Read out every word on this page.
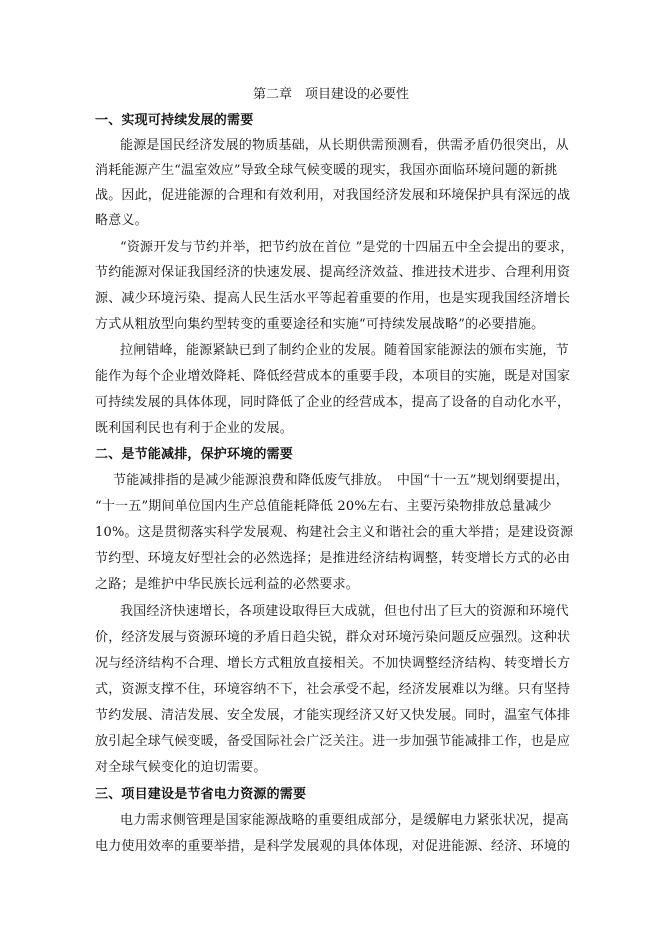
第二章　项目建设的必要性
一、实现可持续发展的需要
能源是国民经济发展的物质基础，从长期供需预测看，供需矛盾仍很突出，从
消耗能源产生“温室效应”导致全球气候变暖的现实，我国亦面临环境问题的新挑
战。因此，促进能源的合理和有效利用，对我国经济发展和环境保护具有深远的战
略意义。
“资源开发与节约并举，把节约放在首位 ”是党的十四届五中全会提出的要求，
节约能源对保证我国经济的快速发展、提高经济效益、推进技术进步、合理利用资
源、减少环境污染、提高人民生活水平等起着重要的作用，也是实现我国经济增长
方式从粗放型向集约型转变的重要途径和实施“可持续发展战略”的必要措施。
拉闸错峰，能源紧缺已到了制约企业的发展。随着国家能源法的颁布实施，节
能作为每个企业增效降耗、降低经营成本的重要手段，本项目的实施，既是对国家
可持续发展的具体体现，同时降低了企业的经营成本，提高了设备的自动化水平，
既利国利民也有利于企业的发展。
二、是节能减排，保护环境的需要
节能减排指的是减少能源浪费和降低废气排放。　中国“十一五”规划纲要提出，
“十一五”期间单位国内生产总值能耗降低 20%左右、主要污染物排放总量减少
10%。这是贯彻落实科学发展观、构建社会主义和谐社会的重大举措；是建设资源
节约型、环境友好型社会的必然选择；是推进经济结构调整，转变增长方式的必由
之路；是维护中华民族长远利益的必然要求。
我国经济快速增长，各项建设取得巨大成就，但也付出了巨大的资源和环境代
价，经济发展与资源环境的矛盾日趋尖锐，群众对环境污染问题反应强烈。这种状
况与经济结构不合理、增长方式粗放直接相关。不加快调整经济结构、转变增长方
式，资源支撑不住，环境容纳不下，社会承受不起，经济发展难以为继。只有坚持
节约发展、清洁发展、安全发展，才能实现经济又好又快发展。同时，温室气体排
放引起全球气候变暖，备受国际社会广泛关注。进一步加强节能减排工作，也是应
对全球气候变化的迫切需要。
三、项目建设是节省电力资源的需要
电力需求侧管理是国家能源战略的重要组成部分，是缓解电力紧张状况，提高
电力使用效率的重要举措，是科学发展观的具体体现，对促进能源、经济、环境的
